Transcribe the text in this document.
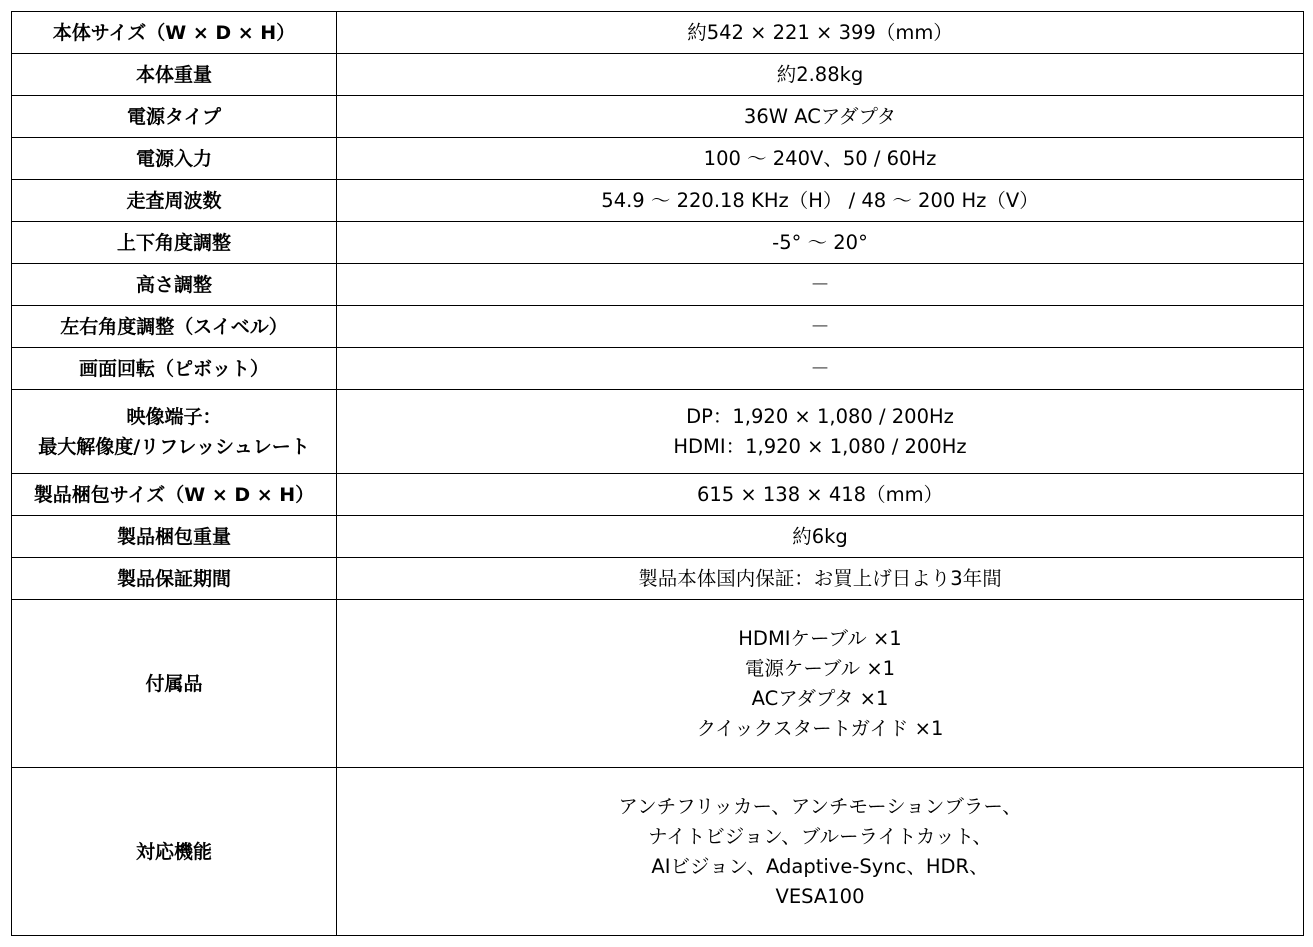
本体サイズ（W × D × H）	約542 × 221 × 399（mm）

本体重量	約2.88kg

電源タイプ	36W ACアダプタ

電源入力	100 ～ 240V、50 / 60Hz

走査周波数	54.9 ～ 220.18 KHz（H） / 48 ～ 200 Hz（V）

上下角度調整	-5° ～ 20°

高さ調整	－

左右角度調整（スイベル）	－

画面回転（ピボット）	－

映像端子：
最大解像度/リフレッシュレート	DP：1,920 × 1,080 / 200Hz
HDMI：1,920 × 1,080 / 200Hz

製品梱包サイズ（W × D × H）	615 × 138 × 418（mm）

製品梱包重量	約6kg

製品保証期間	製品本体国内保証：お買上げ日より3年間

付属品	HDMIケーブル ×1
電源ケーブル ×1
ACアダプタ ×1
クイックスタートガイド ×1

対応機能	アンチフリッカー、アンチモーションブラー、
ナイトビジョン、ブルーライトカット、
AIビジョン、Adaptive-Sync、HDR、
VESA100
